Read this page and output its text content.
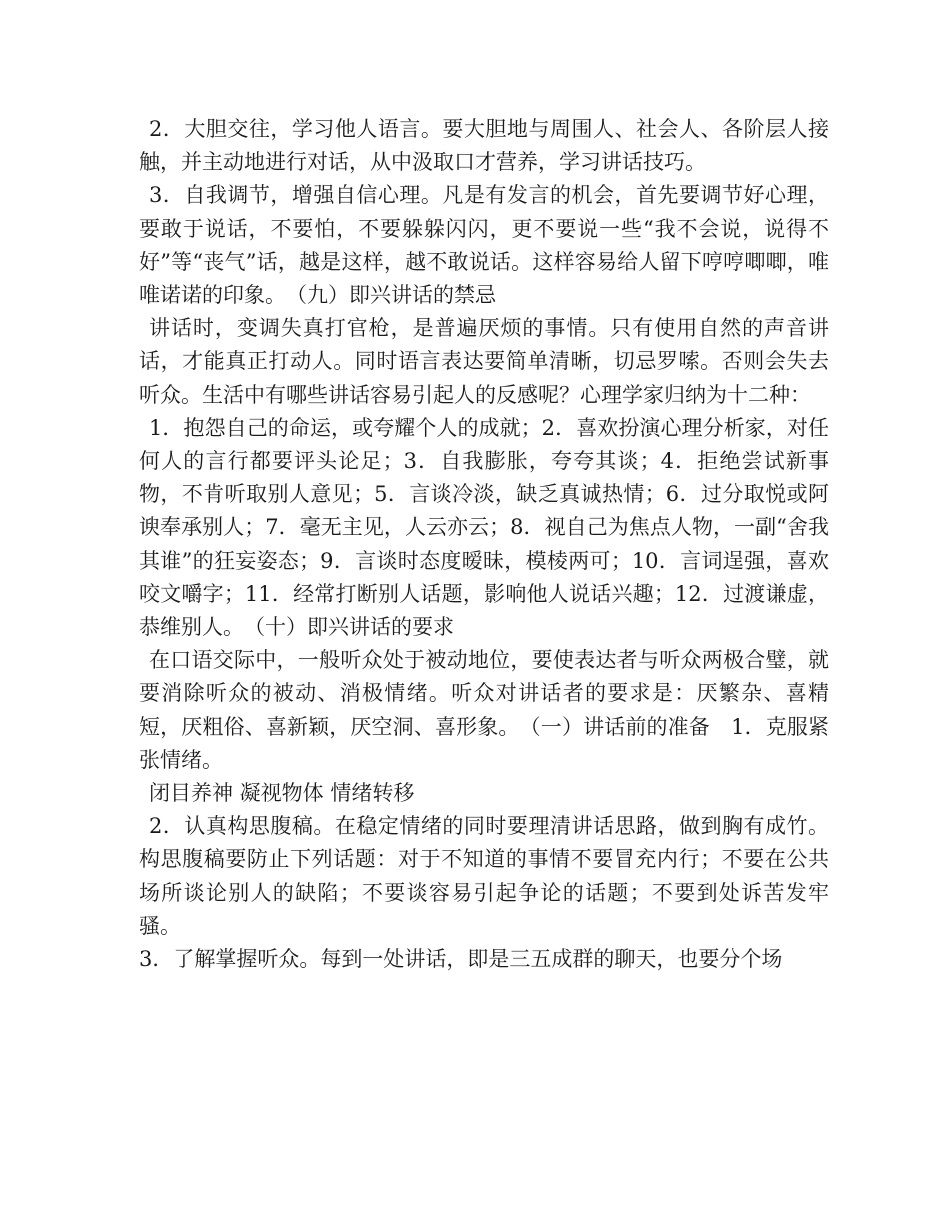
2．大胆交往，学习他人语言。要大胆地与周围人、社会人、各阶层人接触，并主动地进行对话，从中汲取口才营养，学习讲话技巧。

3．自我调节，增强自信心理。凡是有发言的机会，首先要调节好心理，要敢于说话，不要怕，不要躲躲闪闪，更不要说一些“我不会说，说得不好”等“丧气”话，越是这样，越不敢说话。这样容易给人留下哼哼唧唧，唯唯诺诺的印象。　（九）即兴讲话的禁忌

讲话时，变调失真打官枪，是普遍厌烦的事情。只有使用自然的声音讲话，才能真正打动人。同时语言表达要简单清晰，切忌罗嗦。否则会失去听众。生活中有哪些讲话容易引起人的反感呢？心理学家归纳为十二种：

1．抱怨自己的命运，或夸耀个人的成就；2．喜欢扮演心理分析家，对任何人的言行都要评头论足；3．自我膨胀，夸夸其谈；4．拒绝尝试新事物，不肯听取别人意见；5．言谈冷淡，缺乏真诚热情；6．过分取悦或阿谀奉承别人；7．毫无主见，人云亦云；8．视自己为焦点人物，一副“舍我其谁”的狂妄姿态；9．言谈时态度暧昧，模棱两可；10．言词逞强，喜欢咬文嚼字；11．经常打断别人话题，影响他人说话兴趣；12．过渡谦虚，恭维别人。　（十）即兴讲话的要求

在口语交际中，一般听众处于被动地位，要使表达者与听众两极合璧，就要消除听众的被动、消极情绪。听众对讲话者的要求是：厌繁杂、喜精短，厌粗俗、喜新颖，厌空洞、喜形象。　（一）讲话前的准备　1．克服紧张情绪。

闭目养神 凝视物体 情绪转移

2．认真构思腹稿。在稳定情绪的同时要理清讲话思路，做到胸有成竹。构思腹稿要防止下列话题：对于不知道的事情不要冒充内行；不要在公共场所谈论别人的缺陷；不要谈容易引起争论的话题；不要到处诉苦发牢骚。

3．了解掌握听众。每到一处讲话，即是三五成群的聊天，也要分个场
